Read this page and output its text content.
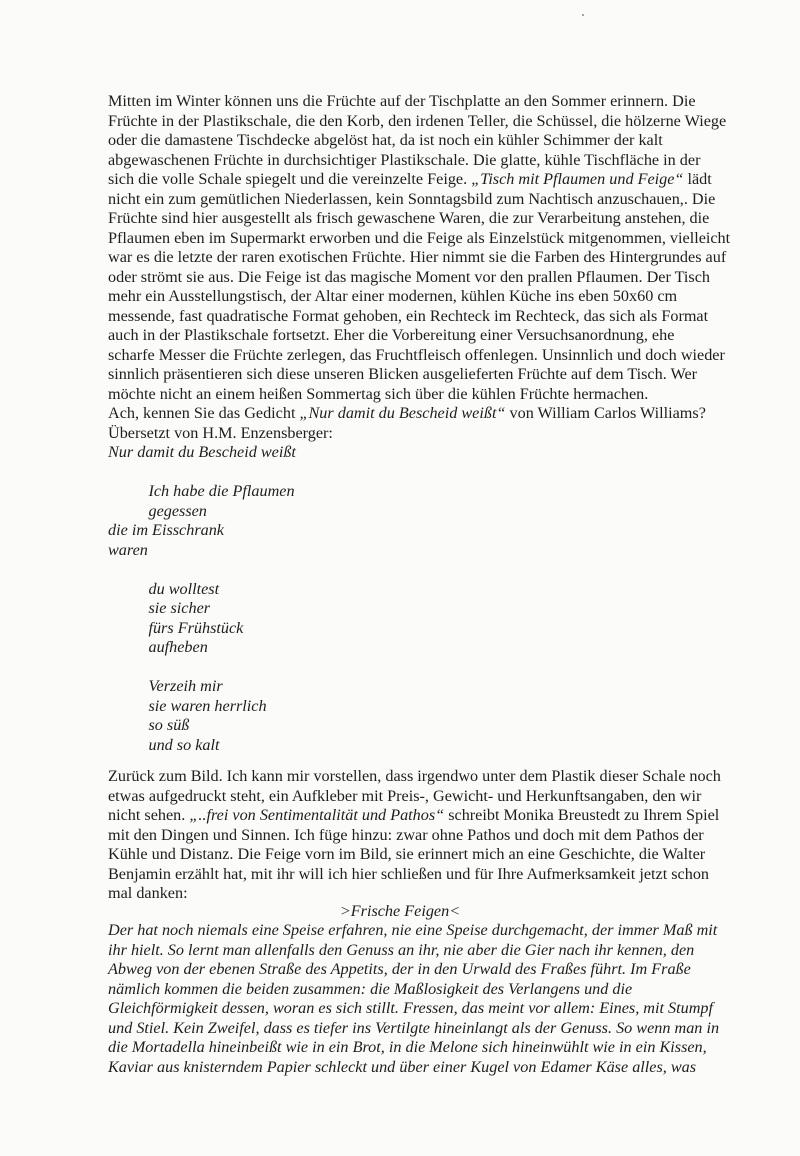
Mitten im Winter können uns die Früchte auf der Tischplatte an den Sommer erinnern. Die
Früchte in der Plastikschale, die den Korb, den irdenen Teller, die Schüssel, die hölzerne Wiege
oder die damastene Tischdecke abgelöst hat, da ist noch ein kühler Schimmer der kalt
abgewaschenen Früchte in durchsichtiger Plastikschale. Die glatte, kühle Tischfläche in der
sich die volle Schale spiegelt und die vereinzelte Feige. „Tisch mit Pflaumen und Feige“ lädt
nicht ein zum gemütlichen Niederlassen, kein Sonntagsbild zum Nachtisch anzuschauen,. Die
Früchte sind hier ausgestellt als frisch gewaschene Waren, die zur Verarbeitung anstehen, die
Pflaumen eben im Supermarkt erworben und die Feige als Einzelstück mitgenommen, vielleicht
war es die letzte der raren exotischen Früchte. Hier nimmt sie die Farben des Hintergrundes auf
oder strömt sie aus. Die Feige ist das magische Moment vor den prallen Pflaumen. Der Tisch
mehr ein Ausstellungstisch, der Altar einer modernen, kühlen Küche ins eben 50x60 cm
messende, fast quadratische Format gehoben, ein Rechteck im Rechteck, das sich als Format
auch in der Plastikschale fortsetzt. Eher die Vorbereitung einer Versuchsanordnung, ehe
scharfe Messer die Früchte zerlegen, das Fruchtfleisch offenlegen. Unsinnlich und doch wieder
sinnlich präsentieren sich diese unseren Blicken ausgelieferten Früchte auf dem Tisch. Wer
möchte nicht an einem heißen Sommertag sich über die kühlen Früchte hermachen.
Ach, kennen Sie das Gedicht „Nur damit du Bescheid weißt“ von William Carlos Williams?
Übersetzt von H.M. Enzensberger:
Nur damit du Bescheid weißt
Ich habe die Pflaumen
gegessen
die im Eisschrank
waren
du wolltest
sie sicher
fürs Frühstück
aufheben
Verzeih mir
sie waren herrlich
so süß
und so kalt
Zurück zum Bild. Ich kann mir vorstellen, dass irgendwo unter dem Plastik dieser Schale noch
etwas aufgedruckt steht, ein Aufkleber mit Preis-, Gewicht- und Herkunftsangaben, den wir
nicht sehen. „..frei von Sentimentalität und Pathos“ schreibt Monika Breustedt zu Ihrem Spiel
mit den Dingen und Sinnen. Ich füge hinzu: zwar ohne Pathos und doch mit dem Pathos der
Kühle und Distanz. Die Feige vorn im Bild, sie erinnert mich an eine Geschichte, die Walter
Benjamin erzählt hat, mit ihr will ich hier schließen und für Ihre Aufmerksamkeit jetzt schon
mal danken:
>Frische Feigen<
Der hat noch niemals eine Speise erfahren, nie eine Speise durchgemacht, der immer Maß mit
ihr hielt. So lernt man allenfalls den Genuss an ihr, nie aber die Gier nach ihr kennen, den
Abweg von der ebenen Straße des Appetits, der in den Urwald des Fraßes führt. Im Fraße
nämlich kommen die beiden zusammen: die Maßlosigkeit des Verlangens und die
Gleichförmigkeit dessen, woran es sich stillt. Fressen, das meint vor allem: Eines, mit Stumpf
und Stiel. Kein Zweifel, dass es tiefer ins Vertilgte hineinlangt als der Genuss. So wenn man in
die Mortadella hineinbeißt wie in ein Brot, in die Melone sich hineinwühlt wie in ein Kissen,
Kaviar aus knisterndem Papier schleckt und über einer Kugel von Edamer Käse alles, was
